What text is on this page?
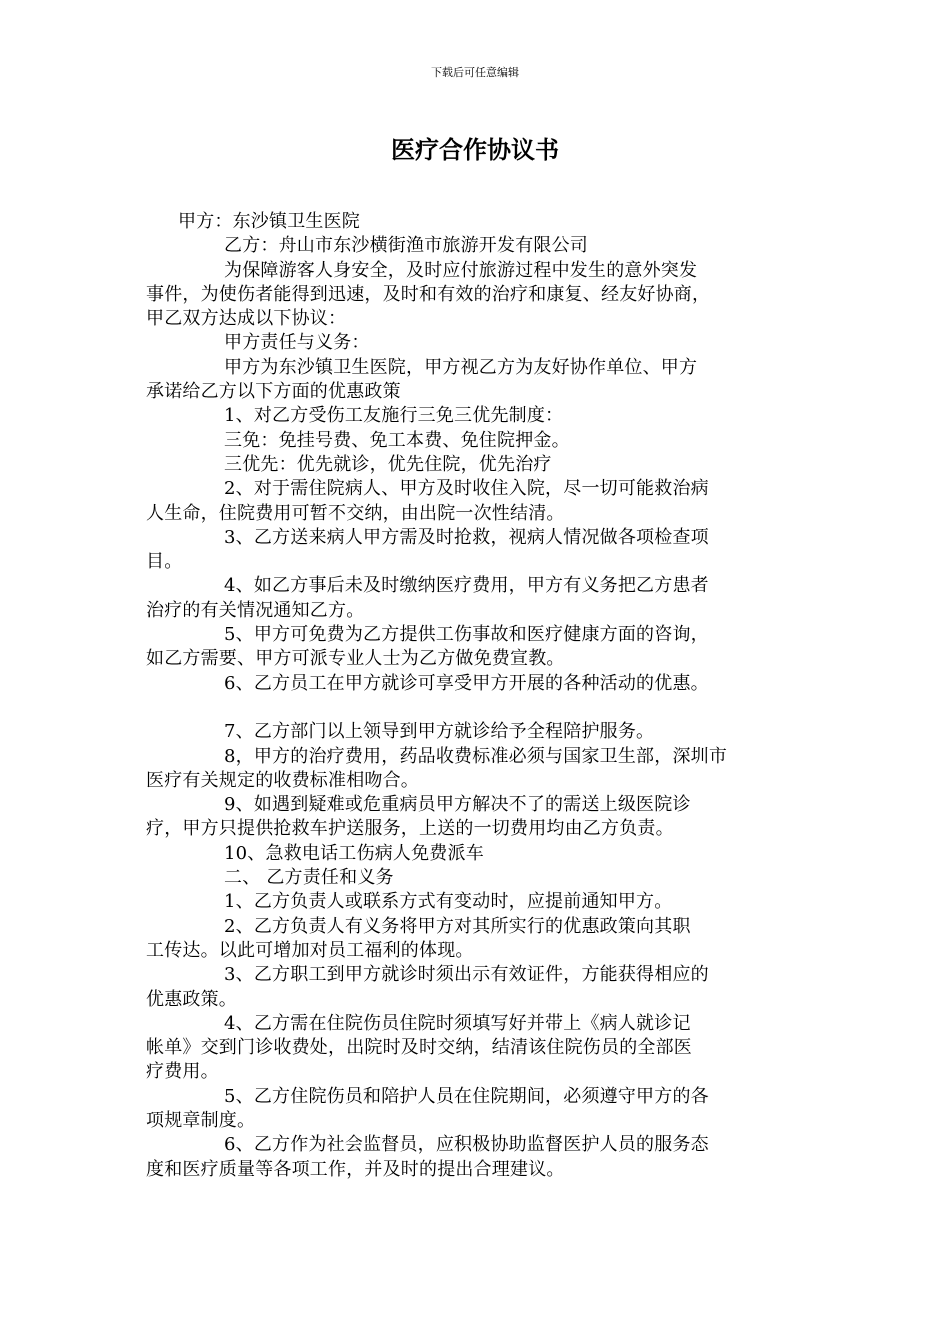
下载后可任意编辑
医疗合作协议书

甲方：东沙镇卫生医院

乙方：舟山市东沙横街渔市旅游开发有限公司

为保障游客人身安全，及时应付旅游过程中发生的意外突发

事件，为使伤者能得到迅速，及时和有效的治疗和康复、经友好协商，

甲乙双方达成以下协议：

甲方责任与义务：

甲方为东沙镇卫生医院，甲方视乙方为友好协作单位、甲方

承诺给乙方以下方面的优惠政策

1、对乙方受伤工友施行三免三优先制度：

三免：免挂号费、免工本费、免住院押金。

三优先：优先就诊，优先住院，优先治疗

2、对于需住院病人、甲方及时收住入院，尽一切可能救治病

人生命，住院费用可暂不交纳，由出院一次性结清。

3、乙方送来病人甲方需及时抢救，视病人情况做各项检查项

目。

4、如乙方事后未及时缴纳医疗费用，甲方有义务把乙方患者

治疗的有关情况通知乙方。

5、甲方可免费为乙方提供工伤事故和医疗健康方面的咨询，

如乙方需要、甲方可派专业人士为乙方做免费宣教。

6、乙方员工在甲方就诊可享受甲方开展的各种活动的优惠。

7、乙方部门以上领导到甲方就诊给予全程陪护服务。

8，甲方的治疗费用，药品收费标准必须与国家卫生部，深圳市

医疗有关规定的收费标准相吻合。

9、如遇到疑难或危重病员甲方解决不了的需送上级医院诊

疗，甲方只提供抢救车护送服务，上送的一切费用均由乙方负责。

10、急救电话工伤病人免费派车

二、 乙方责任和义务

1、乙方负责人或联系方式有变动时，应提前通知甲方。

2、乙方负责人有义务将甲方对其所实行的优惠政策向其职

工传达。以此可增加对员工福利的体现。

3、乙方职工到甲方就诊时须出示有效证件，方能获得相应的

优惠政策。

4、乙方需在住院伤员住院时须填写好并带上《病人就诊记

帐单》交到门诊收费处，出院时及时交纳，结清该住院伤员的全部医

疗费用。

5、乙方住院伤员和陪护人员在住院期间，必须遵守甲方的各

项规章制度。

6、乙方作为社会监督员，应积极协助监督医护人员的服务态

度和医疗质量等各项工作，并及时的提出合理建议。
